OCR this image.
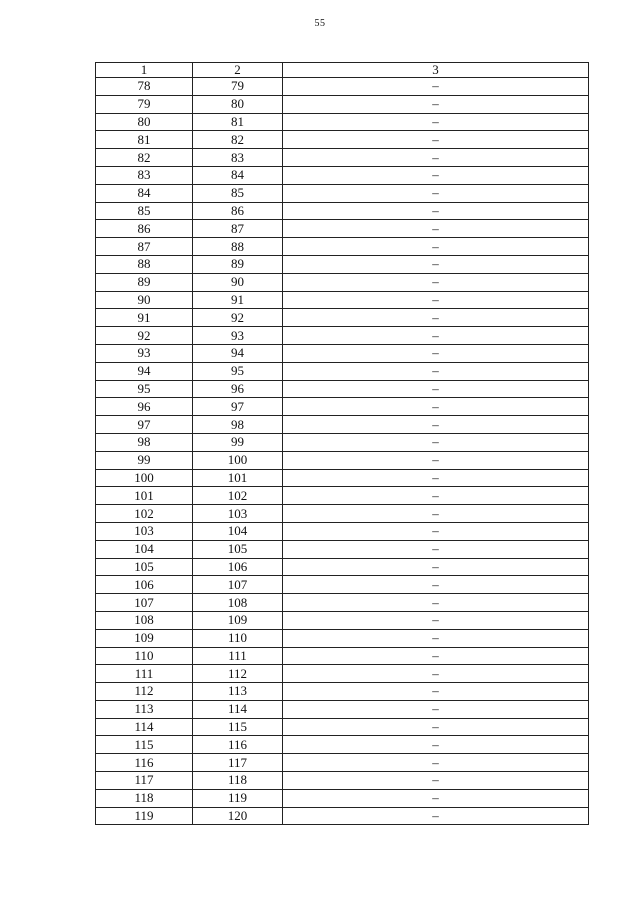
55
1	2	3
78	79	–
79	80	–
80	81	–
81	82	–
82	83	–
83	84	–
84	85	–
85	86	–
86	87	–
87	88	–
88	89	–
89	90	–
90	91	–
91	92	–
92	93	–
93	94	–
94	95	–
95	96	–
96	97	–
97	98	–
98	99	–
99	100	–
100	101	–
101	102	–
102	103	–
103	104	–
104	105	–
105	106	–
106	107	–
107	108	–
108	109	–
109	110	–
110	111	–
111	112	–
112	113	–
113	114	–
114	115	–
115	116	–
116	117	–
117	118	–
118	119	–
119	120	–
